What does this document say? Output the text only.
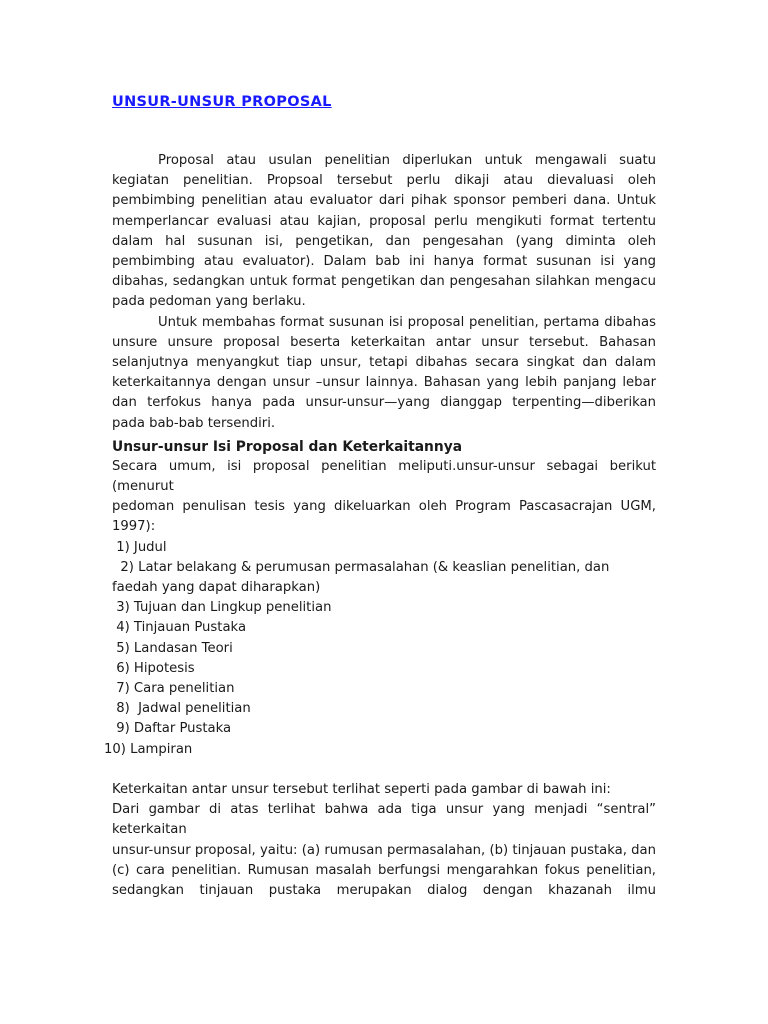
UNSUR-UNSUR PROPOSAL

Proposal atau usulan penelitian diperlukan untuk mengawali suatu kegiatan penelitian. Propsoal tersebut perlu dikaji atau dievaluasi oleh pembimbing penelitian atau evaluator dari pihak sponsor pemberi dana. Untuk memperlancar evaluasi atau kajian, proposal perlu mengikuti format tertentu dalam hal susunan isi, pengetikan, dan pengesahan (yang diminta oleh pembimbing atau evaluator). Dalam bab ini hanya format susunan isi yang dibahas, sedangkan untuk format pengetikan dan pengesahan silahkan mengacu pada pedoman yang berlaku.

Untuk membahas format susunan isi proposal penelitian, pertama dibahas unsure unsure proposal beserta keterkaitan antar unsur tersebut. Bahasan selanjutnya menyangkut tiap unsur, tetapi dibahas secara singkat dan dalam keterkaitannya dengan unsur –unsur lainnya. Bahasan yang lebih panjang lebar dan terfokus hanya pada unsur-unsur—yang dianggap terpenting—diberikan pada bab-bab tersendiri.

Unsur-unsur Isi Proposal dan Keterkaitannya

Secara umum, isi proposal penelitian meliputi.unsur-unsur sebagai berikut (menurut

pedoman penulisan tesis yang dikeluarkan oleh Program Pascasacrajan UGM, 1997):

1) Judul
2) Latar belakang & perumusan permasalahan (& keaslian penelitian, dan faedah yang dapat diharapkan)
3) Tujuan dan Lingkup penelitian
4) Tinjauan Pustaka
5) Landasan Teori
6) Hipotesis
7) Cara penelitian
8)  Jadwal penelitian
9) Daftar Pustaka
10) Lampiran

Keterkaitan antar unsur tersebut terlihat seperti pada gambar di bawah ini:

Dari gambar di atas terlihat bahwa ada tiga unsur yang menjadi “sentral” keterkaitan

unsur-unsur proposal, yaitu: (a) rumusan permasalahan, (b) tinjauan pustaka, dan (c) cara penelitian. Rumusan masalah berfungsi mengarahkan fokus penelitian, sedangkan tinjauan pustaka merupakan dialog dengan khazanah ilmu
